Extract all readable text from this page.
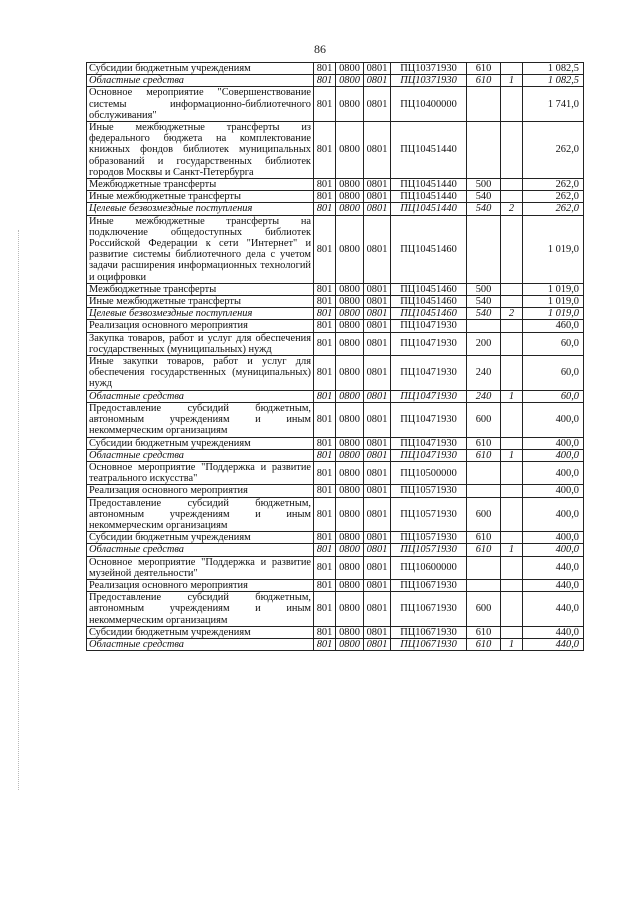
86
Субсидии бюджетным учреждениям	801	0800	0801	ПЦ10371930	610		1 082,5
Областные средства	801	0800	0801	ПЦ10371930	610	1	1 082,5
Основное мероприятие "Совершенствование системы информационно-библиотечного обслуживания"	801	0800	0801	ПЦ10400000			1 741,0
Иные межбюджетные трансферты из федерального бюджета на комплектование книжных фондов библиотек муниципальных образований и государственных библиотек городов Москвы и Санкт-Петербурга	801	0800	0801	ПЦ10451440			262,0
Межбюджетные трансферты	801	0800	0801	ПЦ10451440	500		262,0
Иные межбюджетные трансферты	801	0800	0801	ПЦ10451440	540		262,0
Целевые безвозмездные поступления	801	0800	0801	ПЦ10451440	540	2	262,0
Иные межбюджетные трансферты на подключение общедоступных библиотек Российской Федерации к сети "Интернет" и развитие системы библиотечного дела с учетом задачи расширения информационных технологий и оцифровки	801	0800	0801	ПЦ10451460			1 019,0
Межбюджетные трансферты	801	0800	0801	ПЦ10451460	500		1 019,0
Иные межбюджетные трансферты	801	0800	0801	ПЦ10451460	540		1 019,0
Целевые безвозмездные поступления	801	0800	0801	ПЦ10451460	540	2	1 019,0
Реализация основного мероприятия	801	0800	0801	ПЦ10471930			460,0
Закупка товаров, работ и услуг для обеспечения государственных (муниципальных) нужд	801	0800	0801	ПЦ10471930	200		60,0
Иные закупки товаров, работ и услуг для обеспечения государственных (муниципальных) нужд	801	0800	0801	ПЦ10471930	240		60,0
Областные средства	801	0800	0801	ПЦ10471930	240	1	60,0
Предоставление субсидий бюджетным, автономным учреждениям и иным некоммерческим организациям	801	0800	0801	ПЦ10471930	600		400,0
Субсидии бюджетным учреждениям	801	0800	0801	ПЦ10471930	610		400,0
Областные средства	801	0800	0801	ПЦ10471930	610	1	400,0
Основное мероприятие "Поддержка и развитие театрального искусства"	801	0800	0801	ПЦ10500000			400,0
Реализация основного мероприятия	801	0800	0801	ПЦ10571930			400,0
Предоставление субсидий бюджетным, автономным учреждениям и иным некоммерческим организациям	801	0800	0801	ПЦ10571930	600		400,0
Субсидии бюджетным учреждениям	801	0800	0801	ПЦ10571930	610		400,0
Областные средства	801	0800	0801	ПЦ10571930	610	1	400,0
Основное мероприятие "Поддержка и развитие музейной деятельности"	801	0800	0801	ПЦ10600000			440,0
Реализация основного мероприятия	801	0800	0801	ПЦ10671930			440,0
Предоставление субсидий бюджетным, автономным учреждениям и иным некоммерческим организациям	801	0800	0801	ПЦ10671930	600		440,0
Субсидии бюджетным учреждениям	801	0800	0801	ПЦ10671930	610		440,0
Областные средства	801	0800	0801	ПЦ10671930	610	1	440,0
